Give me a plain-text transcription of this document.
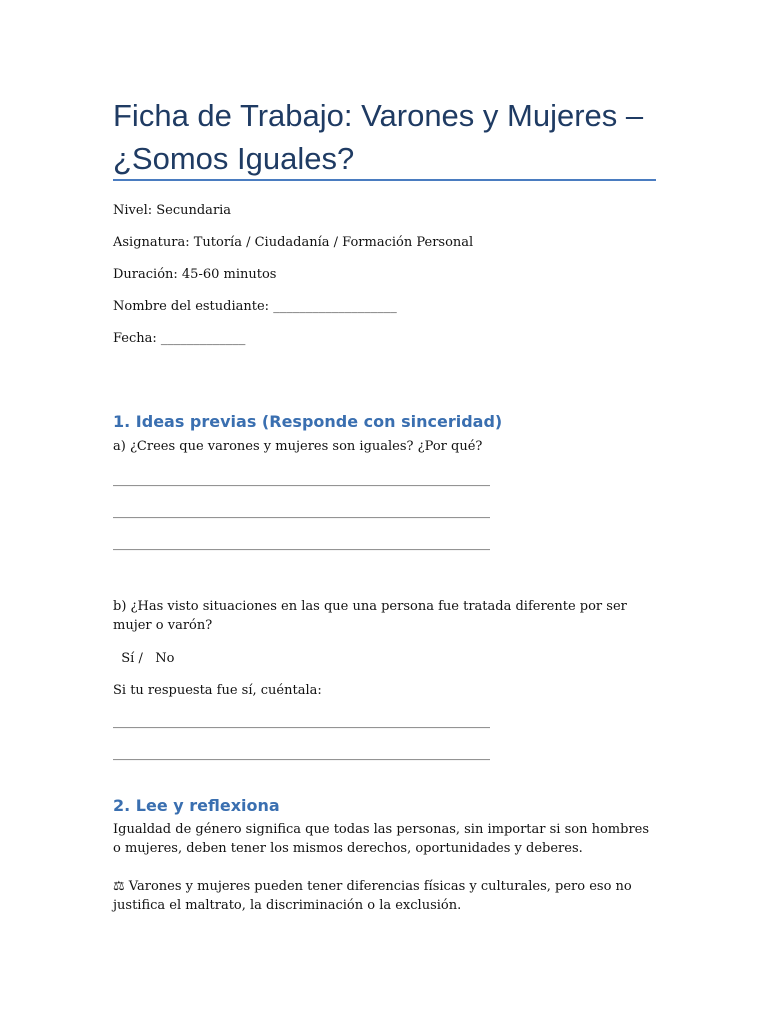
Ficha de Trabajo: Varones y Mujeres – ¿Somos Iguales?
Nivel: Secundaria
Asignatura: Tutoría / Ciudadanía / Formación Personal
Duración: 45-60 minutos
Nombre del estudiante: ___________________
Fecha: _____________
1. Ideas previas (Responde con sinceridad)
a) ¿Crees que varones y mujeres son iguales? ¿Por qué?
__________________________________________________________
__________________________________________________________
__________________________________________________________
b) ¿Has visto situaciones en las que una persona fue tratada diferente por ser mujer o varón?
Sí /   No
Si tu respuesta fue sí, cuéntala:
__________________________________________________________
__________________________________________________________
2. Lee y reflexiona
Igualdad de género significa que todas las personas, sin importar si son hombres o mujeres, deben tener los mismos derechos, oportunidades y deberes.
⚖ Varones y mujeres pueden tener diferencias físicas y culturales, pero eso no justifica el maltrato, la discriminación o la exclusión.
